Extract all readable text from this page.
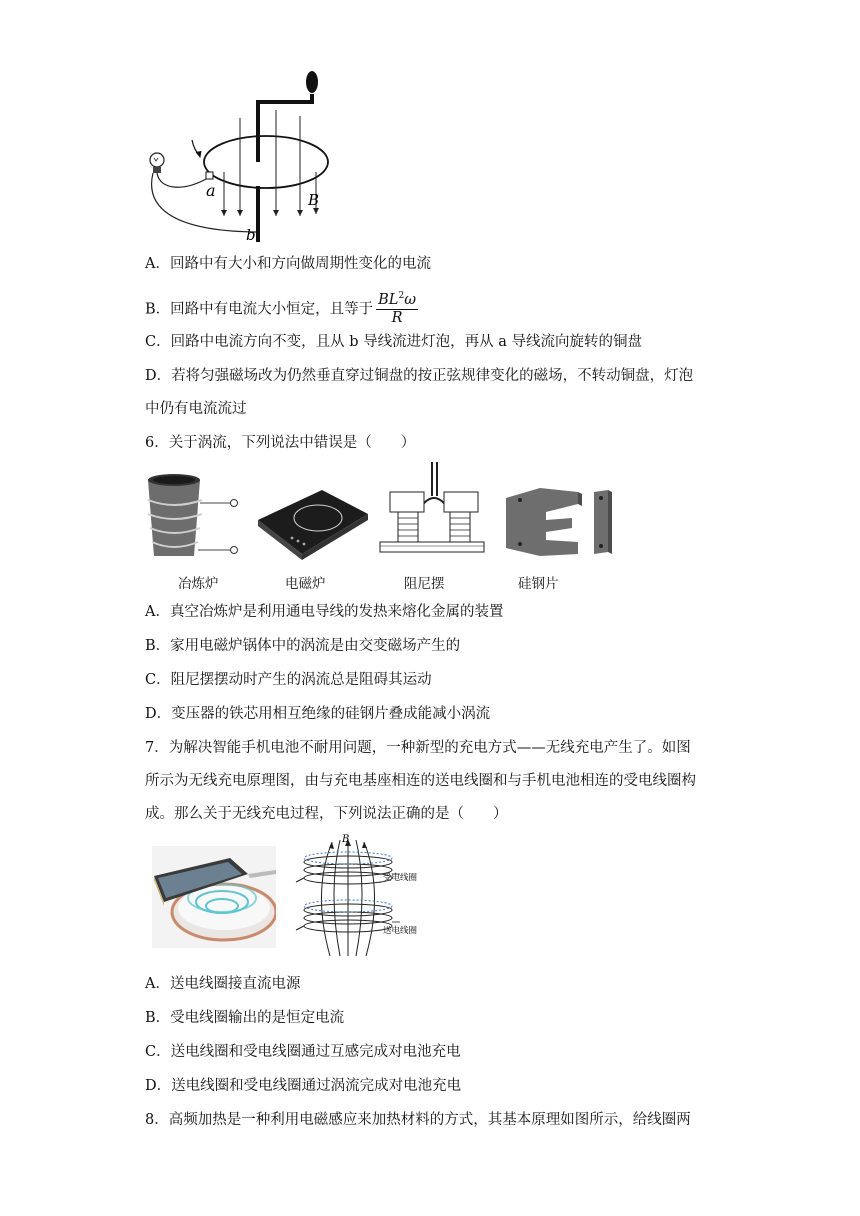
a
b
B
A．回路中有大小和方向做周期性变化的电流
B．回路中有电流大小恒定，且等于 $\frac{BL^2\omega}{R}$
C．回路中电流方向不变，且从 b 导线流进灯泡，再从 a 导线流向旋转的铜盘
D．若将匀强磁场改为仍然垂直穿过铜盘的按正弦规律变化的磁场，不转动铜盘，灯泡
中仍有电流流过
6．关于涡流，下列说法中错误是（　　）
冶炼炉	电磁炉	阻尼摆	硅钢片
A．真空冶炼炉是利用通电导线的发热来熔化金属的装置
B．家用电磁炉锅体中的涡流是由交变磁场产生的
C．阻尼摆摆动时产生的涡流总是阻碍其运动
D．变压器的铁芯用相互绝缘的硅钢片叠成能减小涡流
7．为解决智能手机电池不耐用问题，一种新型的充电方式——无线充电产生了。如图
所示为无线充电原理图，由与充电基座相连的送电线圈和与手机电池相连的受电线圈构
成。那么关于无线充电过程，下列说法正确的是（　　）
B
受电线圈
送电线圈
A．送电线圈接直流电源
B．受电线圈输出的是恒定电流
C．送电线圈和受电线圈通过互感完成对电池充电
D．送电线圈和受电线圈通过涡流完成对电池充电
8．高频加热是一种利用电磁感应来加热材料的方式，其基本原理如图所示，给线圈两
